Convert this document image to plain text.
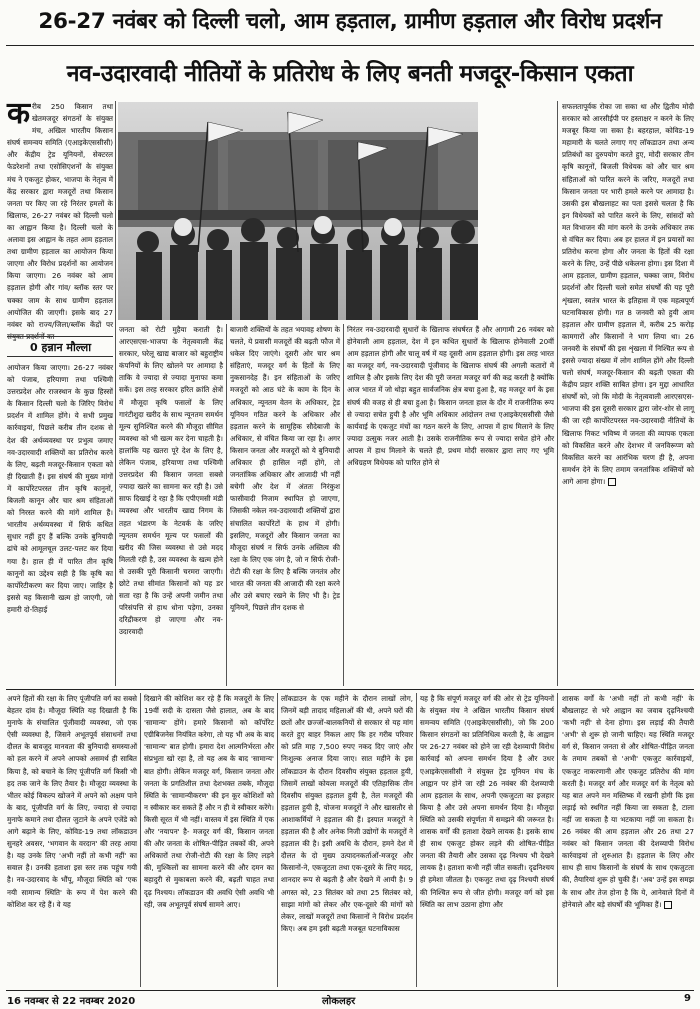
26-27 नवंबर को दिल्ली चलो, आम हड़ताल, ग्रामीण हड़ताल और विरोध प्रदर्शन
नव-उदारवादी नीतियों के प्रतिरोध के लिए बनती मजदूर-किसान एकता

करीब 250 किसान तथा खेतमजदूर संगठनों के संयुक्त मंच, अखिल भारतीय किसान संघर्ष समन्वय समिति (एआइकेएससीसी) और केंद्रीय ट्रेड यूनियनों, सेक्टरल फेडरेशनों तथा एसोसिएशनों के संयुक्त मंच ने एकजुट होकर, भाजपा के नेतृत्व में केंद्र सरकार द्वारा मजदूरों तथा किसान जनता पर किए जा रहे निरंतर हमलों के खिलाफ, 26-27 नवंबर को दिल्ली चलो का आह्वान किया है। दिल्ली चलो के अलावा इस आह्वान के तहत आम हड़ताल तथा ग्रामीण हड़ताल का आयोजन किया जाएगा और विरोध प्रदर्शनों का आयोजन किया जाएगा। 26 नवंबर को आम हड़ताल होगी और गांव/ ब्लॉक स्तर पर चक्का जाम के साथ ग्रामीण हड़ताल आयोजित की जाएगी। इसके बाद 27 नवंबर को राज्य/जिला/ब्लॉक केंद्रों पर

सफलतापूर्वक रोका जा सका था और द्वितीय मोदी सरकार को आरसीईपी पर हस्ताक्षर न करने के लिए मजबूर किया जा सका है। बहरहाल, कोविड-19 महामारी के चलते लगाए गए लॉकडाउन तथा अन्य प्रतिबंधों का दुरुपयोग करते हुए, मोदी सरकार तीन कृषि कानूनों, बिजली विधेयक को और चार श्रम संहिताओं को पारित करने के जरिए, मजदूरों तथा किसान जनता पर भारी हमले करने पर आमादा है। उसकी इस बौखलाहट का पता इससे चलता है कि इन विधेयकों को पारित करने के लिए, सांसदों को मत विभाजन की मांग करने के उनके अधिकार तक से वंचित कर दिया। अब हर हालत में इन प्रयासों का प्रतिरोध करना होगा और जनता के हितों की रक्षा करने के लिए, उन्हें पीछे धकेलना होगा। इस दिशा में आम हड़ताल, ग्रामीण हड़ताल, चक्का जाम, विरोध प्रदर्शनों और दिल्ली चलो समेत संघर्षों की यह पूरी शृंखला, स्वतंत्र भारत के इतिहास में एक महत्वपूर्ण घटनाविकास होगी। गत 8 जनवरी को हुयी आम हड़ताल और ग्रामीण हड़ताल में, करीब 25 करोड़ कामगारों और किसानों ने भाग लिया था। 26 जनवरी के संघर्षों की इस शृंखला में निश्चित रूप से इससे ज्यादा संख्या में लोग शामिल होंगे और दिल्ली चलो संघर्ष, मजदूर-किसान की बढ़ती एकता की केंद्रीय प्रहार शक्ति साबित होगा। इन मुद्दा आधारित संघर्षों को, जो कि मोदी के नेतृत्ववाली आरएसएस-भाजपा की इस दूसरी सरकार द्वारा जोर-शोर से लागू की जा रही कार्पोरेटपरस्त नव-उदारवादी नीतियों के खिलाफ निकट भविष्य में जनता की व्यापक एकता को विकसित करने और देशभर में जनविरूप्ण को विकसित करने का आरंभिक चरण ही है, अपना समर्थन देने के लिए तमाम जनतांत्रिक शक्तियों को आगे आना होगा।

0 हन्नान मौल्ला

आयोजन किया जाएगा। 26-27 नवंबर को पंजाब, हरियाणा तथा पश्चिमी उत्तरप्रदेश और राजस्थान के कुछ हिस्सों के किसान दिल्ली चलो के जिरिए विरोध प्रदर्शन में शामिल होंगे। ये सभी प्रमुख कार्रवाइयां, पिछले करीब तीन दशक से देश की अर्थव्यवस्था पर प्रभुत्व जमाए नव-उदारवादी शक्तियों का प्रतिरोध करने के लिए, बढ़ती मजदूर-किसान एकता को ही दिखाती हैं। इस संघर्ष की मुख्य मांगों में कार्पोरेटपरस्त तीन कृषि कानूनों, बिजली कानून और चार श्रम संहिताओं को निरस्त करने की मांगें शामिल हैं। भारतीय अर्थव्यवस्था में सिर्फ कथित सुधार नहीं हुए हैं बल्कि उनके बुनियादी ढांचे को आमूलचूल उलट-पलट कर दिया गया है। हाल ही में पारित तीन कृषि कानूनों का उद्देश्य सही है कि कृषि का कार्पोरेटीकरण कर दिया जाए। जाहिर है इससे यह किसानी खत्म हो जाएगी, जो हमारी दो-तिहाई

जनता को रोटी मुहैया कराती है। आरएसएस-भाजपा के नेतृत्ववाली केंद्र सरकार, घरेलू खाद्य बाजार को बहुराष्ट्रीय कंपनियों के लिए खोलने पर आमादा है ताकि वे ज्यादा से ज्यादा मुनाफा कमा सकें। इस तरह सरकार हरित क्रांति क्षेत्रों में मौजूदा कृषि फसलों के लिए गारंटीशुदा खरीद के साथ न्यूनतम समर्थन मूल्य सुनिश्चित करने की मौजूदा सीमित व्यवस्था को भी खत्म कर देना चाहती है। हालांकि यह खतरा पूरे देश के लिए है, लेकिन पंजाब, हरियाणा तथा पश्चिमी उत्तरप्रदेश की किसान जनता सबसे ज्यादा खतरे का सामना कर रही है। उसे साफ दिखाई दे रहा है कि एपीएमसी मंडी व्यवस्था और भारतीय खाद्य निगम के तहत भंडारण के नेटवर्क के जरिए न्यूनतम समर्थन मूल्य पर फसलों की खरीद की जिस व्यवस्था से उसे मदद मिलती रही है, उस व्यवस्था के खत्म होने से उसकी पूरी किसानी चरमरा जाएगी। छोटे तथा सीमांत किसानों को यह डर सता रहा है कि उन्हें अपनी जमीन तथा परिसंपत्ति से हाथ धोना पड़ेगा, उनका दरिद्रीकरण हो जाएगा और नव-उदारवादी

बाजारी शक्तियों के तहत भयावह शोषण के चलते, ये प्रवासी मजदूरों की बढ़ती फौज में धकेल दिए जाएंगे। दूसरी ओर चार श्रम संहिताएं, मजदूर वर्ग के हितों के लिए नुकसानदेह हैं। इन संहिताओं के जरिए मजदूरों को आठ घंटे के काम के दिन के अधिकार, न्यूनतम वेतन के अधिकार, ट्रेड यूनियन गठित करने के अधिकार और हड़ताल करने के सामूहिक सौदेबाजी के अधिकार, से वंचित किया जा रहा है। अगर किसान जनता और मजदूरों को ये बुनियादी अधिकार ही हासिल नहीं होंगे, तो जनतांत्रिक अधिकार और आजादी भी नहीं बचेगी और देश में अंततः निरंकुश फासीवादी निजाम स्थापित हो जाएगा, जिसकी नकेल नव-उदारवादी शक्तियों द्वारा संचालित कार्पोरेटों के हाथ में होगी। इसलिए, मजदूरों और किसान जनता का मौजूदा संघर्ष न सिर्फ उनके अस्तित्व की रक्षा के लिए एक जंग है, जो न सिर्फ रोजी-रोटी की रक्षा के लिए है बल्कि जनतंत्र और भारत की जनता की आजादी की रक्षा करने और उसे बचाए रखने के लिए भी है। ट्रेड यूनियनें, पिछले तीन दशक से

निरंतर नव-उदारवादी सुधारों के खिलाफ संघर्षरत हैं और आगामी 26 नवंबर को होनेवाली आम हड़ताल, देश में इन कथित सुधारों के खिलाफ होनेवाली 20वीं आम हड़ताल होगी और चालू वर्ष में यह दूसरी आम हड़ताल होगी। इस तरह भारत का मजदूर वर्ग, नव-उदारवादी पूंजीवाद के खिलाफ संघर्ष की अगली कतारों में शामिल है और इसके लिए देश की पूरी जनता मजदूर वर्ग की कद्र करती है क्योंकि आज भारत में जो थोड़ा बहुत सार्वजनिक क्षेत्र बचा हुआ है, वह मजदूर वर्ग के इस संघर्ष की वजह से ही बचा हुआ है। किसान जनता हाल के दौर में राजनीतिक रूप से ज्यादा सचेत हुयी है और भूमि अधिकार आंदोलन तथा एआइकेएससीसी जैसे कार्यवाई के एकजुट मंचों का गठन करने के लिए, आपस में हाथ मिलाने के लिए ज्यादा उत्सुक नजर आती है। उसके राजनीतिक रूप से ज्यादा सचेत होने और आपस में हाथ मिलाने के चलते ही, प्रथम मोदी सरकार द्वारा लाए गए भूमि अधिग्रहण विधेयक को पारित होने से

अपने हितों की रक्षा के लिए पूंजीपति वर्ग का सबसे बेहतर दांव है। मौजूदा स्थिति यह दिखाती है कि मुनाफे के संचालित पूंजीवादी व्यवस्था, जो एक ऐसी व्यवस्था है, जिसने अभूतपूर्व संसाधनों तथा दौलत के बावजूद मानवता की बुनियादी समस्याओं को हल करने में अपने आपको असमर्थ ही साबित किया है, को बचाने के लिए पूंजीपति वर्ग किसी भी हद तक जाने के लिए तैयार है। मौजूदा व्यवस्था के भीतर कोई विकल्प खोजने में अपने को अक्षम पाने के बाद, पूंजीपति वर्ग के लिए, ज्यादा से ज्यादा मुनाफे कमाने तथा दौलत जुटाने के अपने एजेंडे को आगे बढ़ाने के लिए, कोविड-19 तथा लॉकडाउन सुनहरे अवसर, 'भगवान के वरदान' की तरह आया है। यह उनके लिए 'अभी नहीं तो कभी नहीं' का सवाल है। उनकी हताशा इस स्तर तक पहुंच गयी है। नव-उदारवाद के भौंपू, मौजूदा स्थिति को 'एक नयी सामान्य स्थिति' के रूप में पेश करने की कोशिश कर रहे हैं। वे यह

दिखाने की कोशिश कर रहे हैं कि मजदूरों के लिए 19वीं सदी के दासता जैसे हालात, अब के बाद 'सामान्य' होंगे। हमारे किसानों को कॉर्पोरेट एग्रीबिजनेस नियंत्रित करेगा, तो यह भी अब के बाद 'सामान्य' बात होगी। हमारा देश आत्मनिर्भरता और संप्रभुता खो रहा है, तो यह अब के बाद 'सामान्य' बात होगी। लेकिन मजदूर वर्ग, किसान जनता और जनता के प्रगतिशील तथा देशभक्त तबके, मौजूदा स्थिति के 'सामान्यीकरण' की इन कूर कोशिशों को न स्वीकार कर सकते हैं और न ही वे स्वीकार करेंगे। किसी सूरत में भी नहीं। वास्तव में इस स्थिति में एक और 'नयापन' है- मजदूर वर्ग की, किसान जनता की और जनता के शोषित-पीड़ित तबकों की, अपने अधिकारों तथा रोजी-रोटी की रक्षा के लिए लड़ने की, मुश्किलों का सामना करने की और दमन का बहादुरी से मुकाबला करने की, बढ़ती चाहत तथा दृढ़ निश्चय। लॉकडाउन की अवधि ऐसी अवधि भी रही, जब अभूतपूर्व संघर्ष सामने आए।

लॉकडाउन के एक महीने के दौरान लाखों लोग, जिनमें बड़ी तादाद महिलाओं की थी, अपने घरों की छतों और छज्जों-बालकनियों से सरकार से यह मांग करते हुए बाहर निकल आए कि हर गरीब परिवार को प्रति माह 7,500 रुपए नकद दिए जाएं और निःशुल्क अनाज दिया जाए। सात महीने के इस लॉकडाउन के दौरान दिवसीय संयुक्त हड़ताल हुयी, जिसमें लाखों कोयला मजदूरों की एतिहासिक तीन दिवसीय संयुक्त हड़ताल हुयी है, तेल मजदूरों की हड़ताल हुयी है, योजना मजदूरों ने और खासतौर से आशाकर्मियों ने हड़ताल की हैं। इस्पात मजदूरों ने हड़ताल की है और अनेक निजी उद्योगों के मजदूरों ने हड़ताल की है। इसी अवधि के दौरान, हमने देश में दौलत के दो मुख्य उत्पादनकर्ताओं-मजदूर और किसानों-ने, एकजुटता तथा एक-दूसरे के लिए मदद, शानदार रूप से बढ़ती है और देखने में आयी है। 9 अगस्त को, 23 सितंबर को तथा 25 सितंबर को, साझा मांगों को लेकर और एक-दूसरे की मांगों को लेकर, लाखों मजदूरों तथा किसानों ने विरोध प्रदर्शन किए। अब हम इसी बढ़ती मजबूत घटनाविकास

यह है कि संपूर्ण मजदूर वर्ग की ओर से ट्रेड यूनियनों के संयुक्त मंच ने अखिल भारतीय किसान संघर्ष समन्वय समिति (एआइकेएससीसी), जो कि 200 किसान संगठनों का प्रतिनिधित्व करती है, के आह्वान पर 26-27 नवंबर को होने जा रही देशव्यापी विरोध कार्रवाई को अपना समर्थन दिया है और उधर एआइकेएससीसी ने संयुक्त ट्रेड यूनियन मंच के आह्वान पर होने जा रही 26 नवंबर की देशव्यापी आम हड़ताल के साथ, अपनी एकजुटता का इजहार किया है और उसे अपना समर्थन दिया है। मौजूदा स्थिति को उसकी संपूर्णता में समझने की जरूरत है। शासक वर्गों की हताशा देखने लायक है। इसके साथ ही साथ एकजुट होकर लड़ने की शोषित-पीड़ित जनता की तैयारी और उसका दृढ़ निश्चय भी देखने लायक है। हताशा कभी नहीं जीत सकती। दृढनिश्चय ही हमेशा जीतता है। एकजुट तथा दृढ़ निश्चयी संघर्ष की निश्चित रूप से जीत होगी। मजदूर वर्ग को इस स्थिति का लाभ उठाना होगा और

शासक वर्गों के 'अभी नहीं तो कभी नहीं' के बौखलाहट से भरे आह्वान का जवाब दृढ़निश्चयी 'कभी नहीं' से देना होगा। इस लड़ाई की तैयारी 'अभी' से शुरू हो जानी चाहिए। यह स्थिति मजदूर वर्ग से, किसान जनता से और शोषित-पीड़ित जनता के तमाम तबकों से 'अभी' एकजुट कार्रवाइयों, एकजुट नाकरणानी और एकजुट प्रतिरोध की मांग करती है। मजदूर वर्ग और मजदूर वर्ग के नेतृत्व को यह बात अपने मन मस्तिष्क में रखनी होगी कि इस लड़ाई को स्थगित नहीं किया जा सकता है, टाला नहीं जा सकता है या भटकाया नहीं जा सकता है। 26 नवंबर की आम हड़ताल और 26 तथा 27 नवंबर को किसान जनता की देशव्यापी विरोध कार्रवाइयां तो शुरुआत हैं। हड़ताल के लिए और साथ ही साथ किसानों के संघर्ष के साथ एकजुटता की, तैयारियां शुरू हो चुकी हैं। 'अब' उन्हें इस समझ के साथ और तेज होना है कि ये, आनेवाले दिनों में होनेवाले और बड़े संघर्षों की भूमिका हैं।

16 नवम्बर से 22 नवम्बर 2020	लोकलहर	9
